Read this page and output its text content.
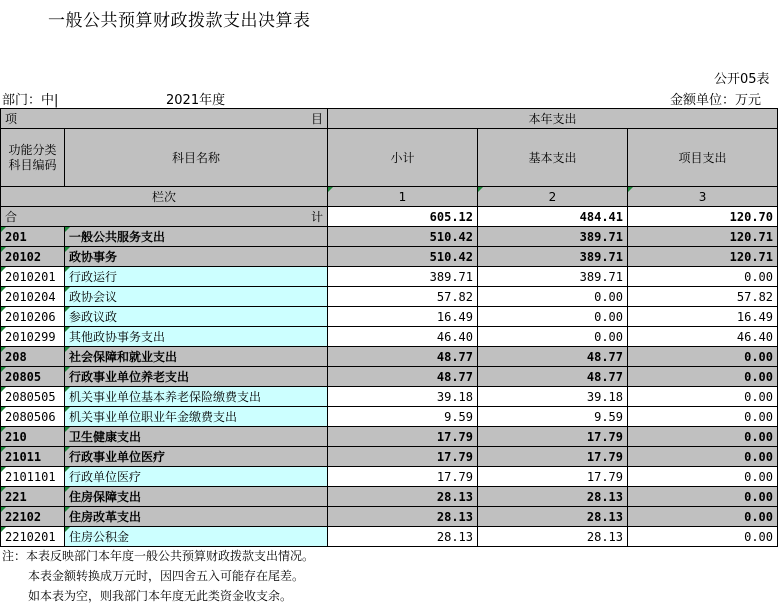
一般公共预算财政拨款支出决算表
公开05表
部门：中|	2021年度	金额单位：万元
项 目		本年支出		

功能分类
科目编码	科目名称	小计	基本支出	项目支出
栏次		1	2	3
合 计		605.12	484.41	120.70
201	一般公共服务支出	510.42	389.71	120.71
20102	政协事务	510.42	389.71	120.71
2010201	行政运行	389.71	389.71	0.00
2010204	政协会议	57.82	0.00	57.82
2010206	参政议政	16.49	0.00	16.49
2010299	其他政协事务支出	46.40	0.00	46.40
208	社会保障和就业支出	48.77	48.77	0.00
20805	行政事业单位养老支出	48.77	48.77	0.00
2080505	机关事业单位基本养老保险缴费支出	39.18	39.18	0.00
2080506	机关事业单位职业年金缴费支出	9.59	9.59	0.00
210	卫生健康支出	17.79	17.79	0.00
21011	行政事业单位医疗	17.79	17.79	0.00
2101101	行政单位医疗	17.79	17.79	0.00
221	住房保障支出	28.13	28.13	0.00
22102	住房改革支出	28.13	28.13	0.00
2210201	住房公积金	28.13	28.13	0.00
注：本表反映部门本年度一般公共预算财政拨款支出情况。
本表金额转换成万元时，因四舍五入可能存在尾差。
如本表为空，则我部门本年度无此类资金收支余。
